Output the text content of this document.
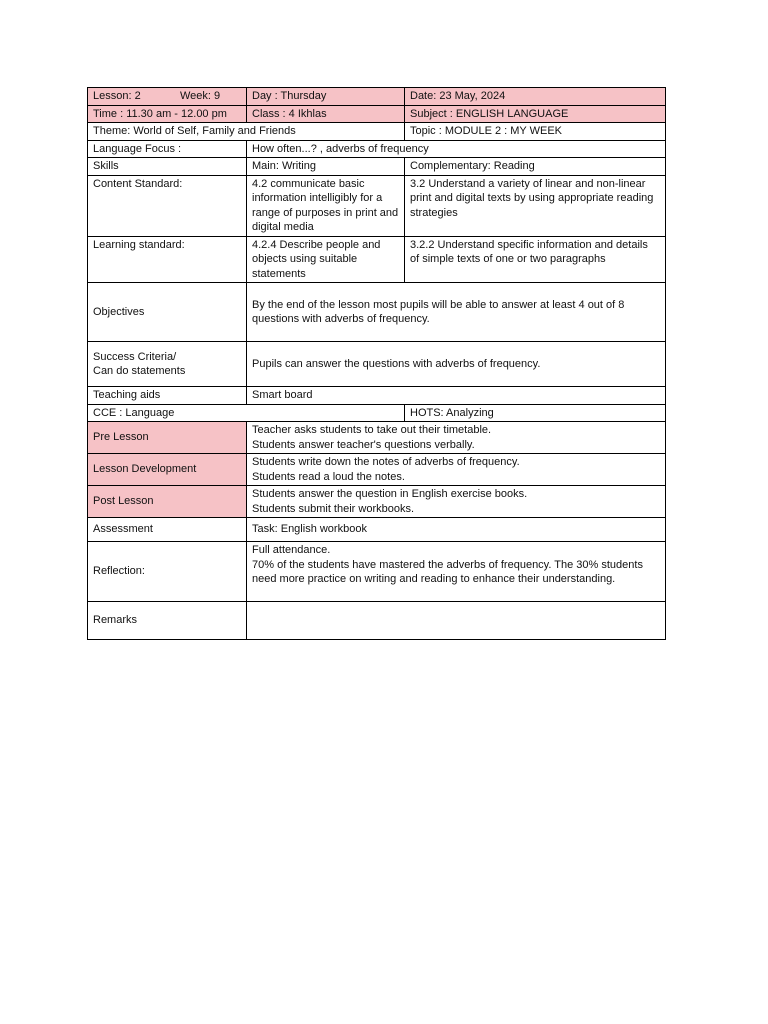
Lesson: 2 Week: 9	Day : Thursday	Date: 23 May, 2024
Time : 11.30 am - 12.00 pm	Class : 4 Ikhlas	Subject : ENGLISH LANGUAGE
Theme: World of Self, Family and Friends		Topic : MODULE 2 : MY WEEK
Language Focus :	How often...? , adverbs of frequency	
Skills	Main: Writing	Complementary: Reading
Content Standard:	4.2 communicate basic information intelligibly for a range of purposes in print and digital media	3.2 Understand a variety of linear and non-linear print and digital texts by using appropriate reading strategies
Learning standard:	4.2.4 Describe people and objects using suitable statements	3.2.2 Understand specific information and details of simple texts of one or two paragraphs
Objectives	By the end of the lesson most pupils will be able to answer at least 4 out of 8 questions with adverbs of frequency.	

Success Criteria/
Can do statements	Pupils can answer the questions with adverbs of frequency.	
Teaching aids	Smart board	
CCE : Language		HOTS: Analyzing
Pre Lesson	Teacher asks students to take out their timetable.
Students answer teacher's questions verbally.	

Lesson Development	Students write down the notes of adverbs of frequency.
Students read a loud the notes.	

Post Lesson	Students answer the question in English exercise books.
Students submit their workbooks.	

Assessment	Task: English workbook	
Reflection:	Full attendance.
70% of the students have mastered the adverbs of frequency. The 30% students need more practice on writing and reading to enhance their understanding.	

Remarks		
